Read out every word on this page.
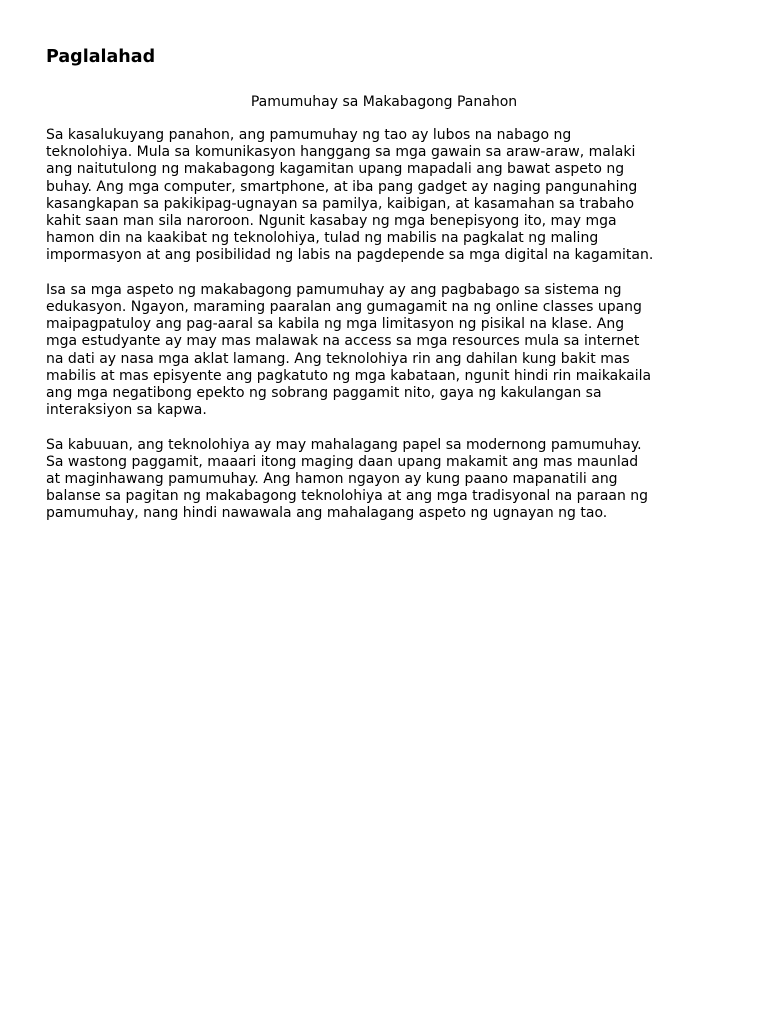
Paglalahad

Pamumuhay sa Makabagong Panahon

Sa kasalukuyang panahon, ang pamumuhay ng tao ay lubos na nabago ng
teknolohiya. Mula sa komunikasyon hanggang sa mga gawain sa araw-araw, malaki
ang naitutulong ng makabagong kagamitan upang mapadali ang bawat aspeto ng
buhay. Ang mga computer, smartphone, at iba pang gadget ay naging pangunahing
kasangkapan sa pakikipag-ugnayan sa pamilya, kaibigan, at kasamahan sa trabaho
kahit saan man sila naroroon. Ngunit kasabay ng mga benepisyong ito, may mga
hamon din na kaakibat ng teknolohiya, tulad ng mabilis na pagkalat ng maling
impormasyon at ang posibilidad ng labis na pagdepende sa mga digital na kagamitan.

Isa sa mga aspeto ng makabagong pamumuhay ay ang pagbabago sa sistema ng
edukasyon. Ngayon, maraming paaralan ang gumagamit na ng online classes upang
maipagpatuloy ang pag-aaral sa kabila ng mga limitasyon ng pisikal na klase. Ang
mga estudyante ay may mas malawak na access sa mga resources mula sa internet
na dati ay nasa mga aklat lamang. Ang teknolohiya rin ang dahilan kung bakit mas
mabilis at mas episyente ang pagkatuto ng mga kabataan, ngunit hindi rin maikakaila
ang mga negatibong epekto ng sobrang paggamit nito, gaya ng kakulangan sa
interaksiyon sa kapwa.

Sa kabuuan, ang teknolohiya ay may mahalagang papel sa modernong pamumuhay.
Sa wastong paggamit, maaari itong maging daan upang makamit ang mas maunlad
at maginhawang pamumuhay. Ang hamon ngayon ay kung paano mapanatili ang
balanse sa pagitan ng makabagong teknolohiya at ang mga tradisyonal na paraan ng
pamumuhay, nang hindi nawawala ang mahalagang aspeto ng ugnayan ng tao.
